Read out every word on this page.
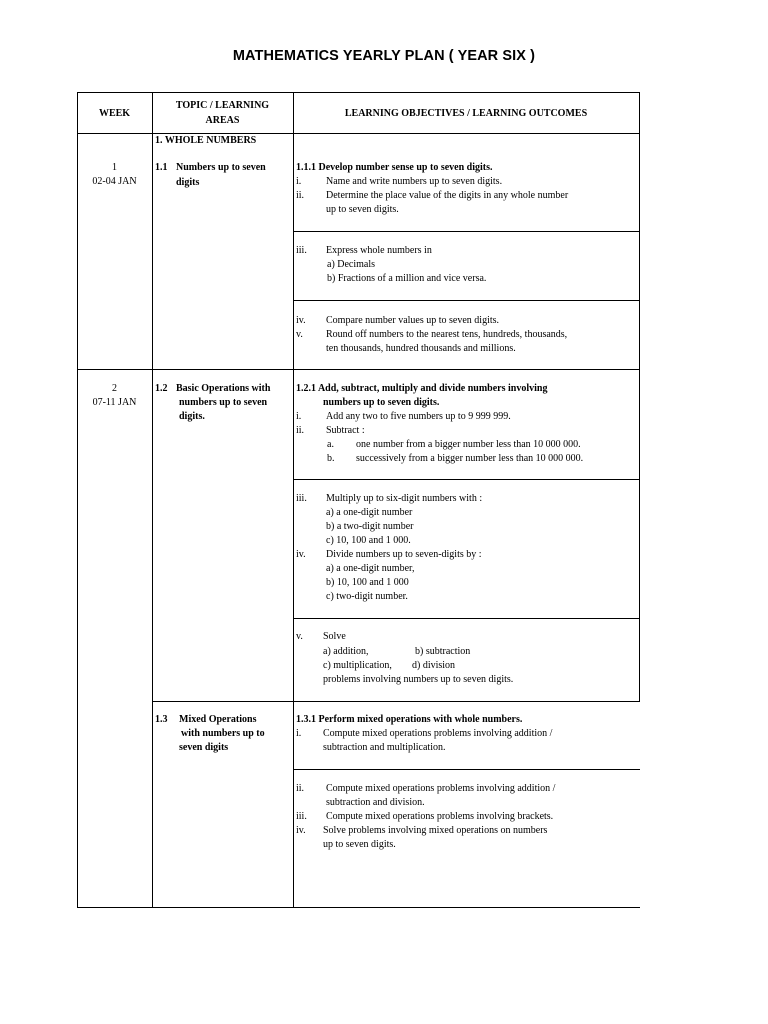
MATHEMATICS YEARLY PLAN ( YEAR SIX )
WEEK
TOPIC / LEARNING
AREAS
LEARNING OBJECTIVES / LEARNING OUTCOMES
1. WHOLE NUMBERS
1
02-04 JAN
2
07-11 JAN
1.1 Numbers up to seven
digits
1.2 Basic Operations with
numbers up to seven
digits.
1.3 Mixed Operations
with numbers up to
seven digits
1.1.1 Develop number sense up to seven digits.
i. Name and write numbers up to seven digits.
ii. Determine the place value of the digits in any whole number
up to seven digits.
iii. Express whole numbers in
a) Decimals
b) Fractions of a million and vice versa.
iv. Compare number values up to seven digits.
v. Round off numbers to the nearest tens, hundreds, thousands,
ten thousands, hundred thousands and millions.
1.2.1 Add, subtract, multiply and divide numbers involving
numbers up to seven digits.
i. Add any two to five numbers up to 9 999 999.
ii. Subtract :
a. one number from a bigger number less than 10 000 000.
b. successively from a bigger number less than 10 000 000.
iii. Multiply up to six-digit numbers with :
a) a one-digit number
b) a two-digit number
c) 10, 100 and 1 000.
iv. Divide numbers up to seven-digits by :
a) a one-digit number,
b) 10, 100 and 1 000
c) two-digit number.
v. Solve
a) addition,	b) subtraction
c) multiplication, d) division
problems involving numbers up to seven digits.
1.3.1 Perform mixed operations with whole numbers.
i. Compute mixed operations problems involving addition /
subtraction and multiplication.
ii. Compute mixed operations problems involving addition /
subtraction and division.
iii. Compute mixed operations problems involving brackets.
iv. Solve problems involving mixed operations on numbers
up to seven digits.
